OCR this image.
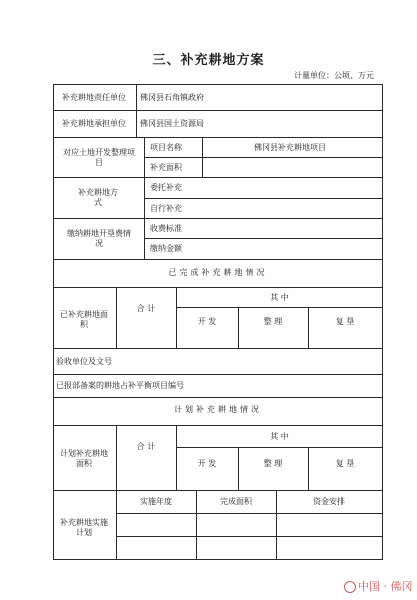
三、补充耕地方案
计量单位：公顷、万元
补充耕地责任单位 佛冈县石角镇政府
补充耕地承担单位 佛冈县国土资源局
对应土地开发整理项目
项目名称	佛冈县补充耕地项目
补充面积
补充耕地方式
委托补充
自行补充
缴纳耕地开垦费情况
收费标准
缴纳金额
已完成补充耕地情况
已补充耕地面积
合 计
其 中
开 发	整 理	复 垦
验收单位及文号
已报部备案的耕地占补平衡项目编号
计划补充耕地情况
计划补充耕地面积
合 计
其 中
开 发	整 理	复 垦
补充耕地实施计划
实施年度	完成面积	资金安排
中国 · 佛冈
